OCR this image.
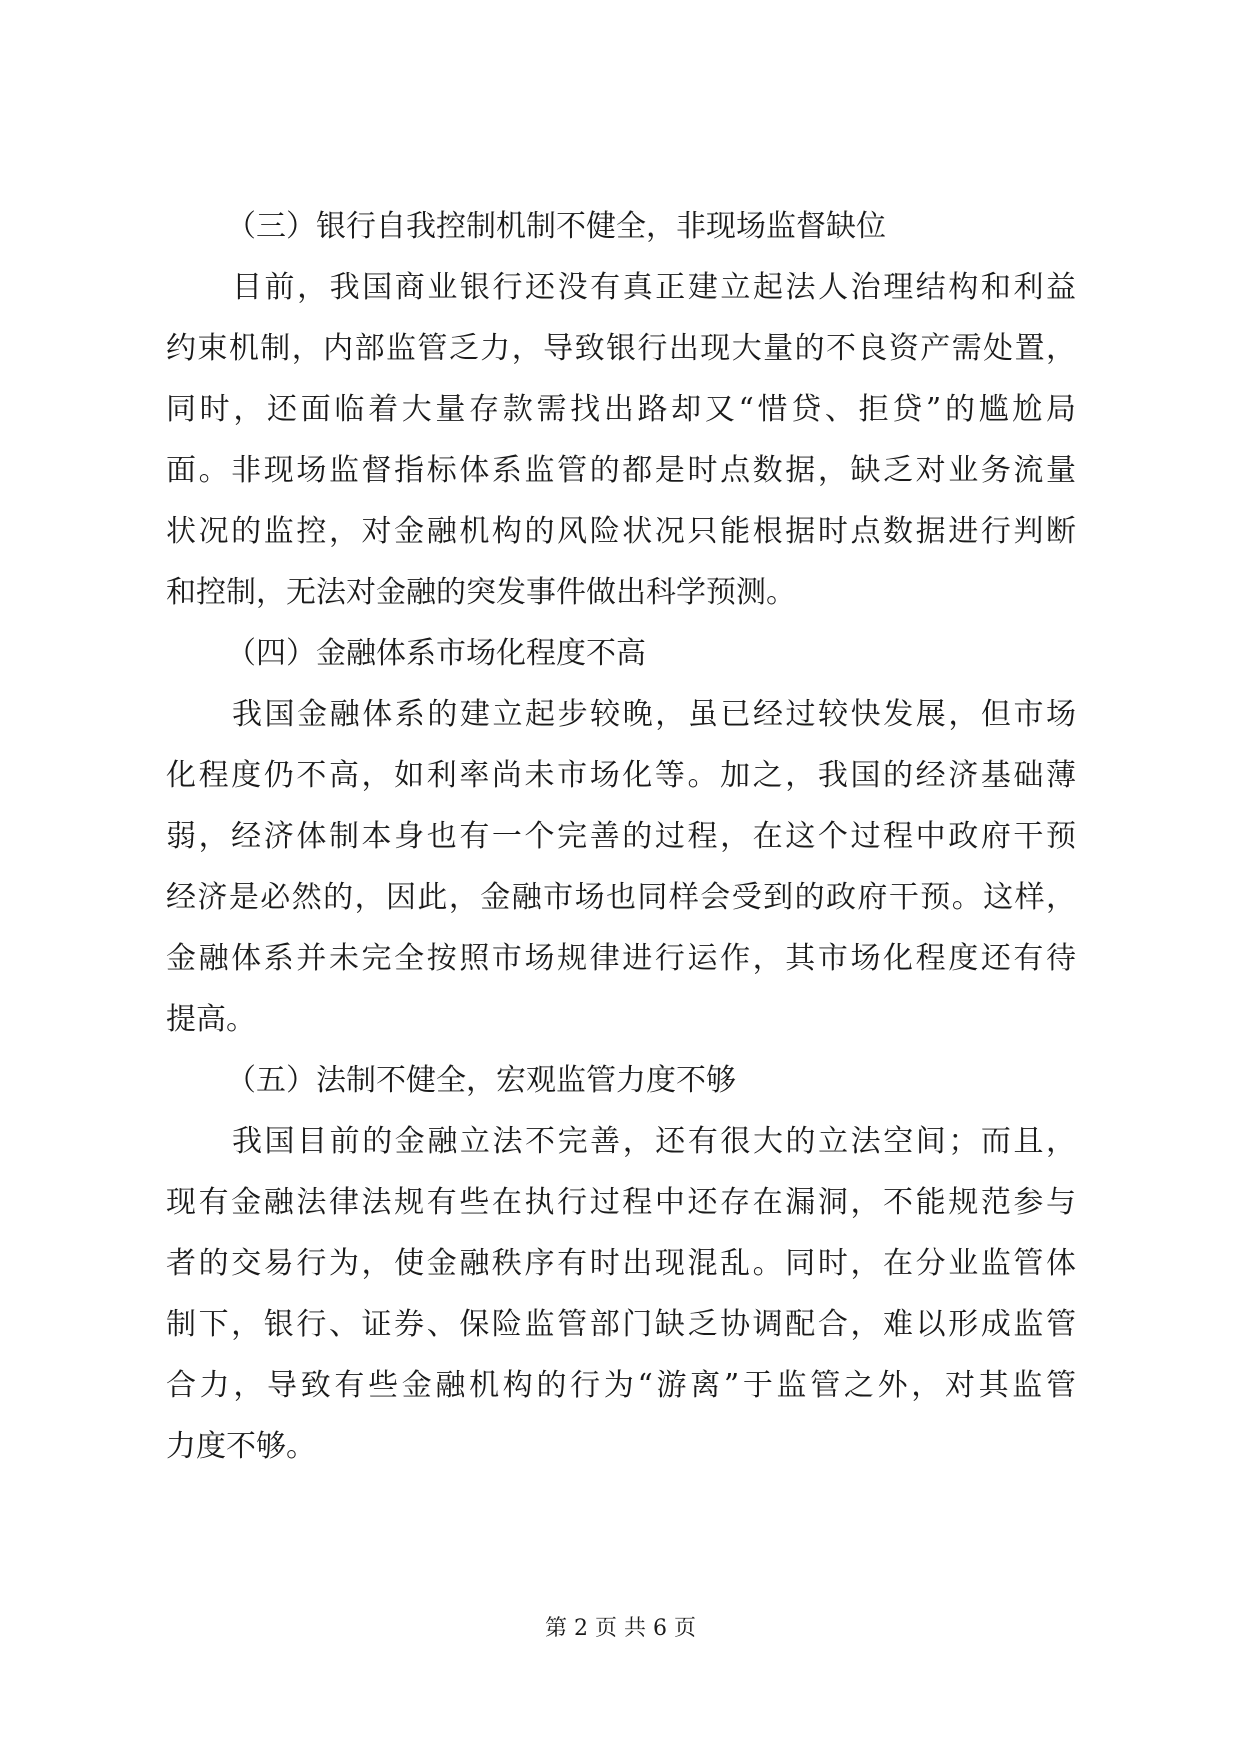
（三）银行自我控制机制不健全，非现场监督缺位
目前，我国商业银行还没有真正建立起法人治理结构和利益
约束机制，内部监管乏力，导致银行出现大量的不良资产需处置，
同时，还面临着大量存款需找出路却又“惜贷、拒贷”的尴尬局
面。非现场监督指标体系监管的都是时点数据，缺乏对业务流量
状况的监控，对金融机构的风险状况只能根据时点数据进行判断
和控制，无法对金融的突发事件做出科学预测。
（四）金融体系市场化程度不高
我国金融体系的建立起步较晚，虽已经过较快发展，但市场
化程度仍不高，如利率尚未市场化等。加之，我国的经济基础薄
弱，经济体制本身也有一个完善的过程，在这个过程中政府干预
经济是必然的，因此，金融市场也同样会受到的政府干预。这样，
金融体系并未完全按照市场规律进行运作，其市场化程度还有待
提高。
（五）法制不健全，宏观监管力度不够
我国目前的金融立法不完善，还有很大的立法空间；而且，
现有金融法律法规有些在执行过程中还存在漏洞，不能规范参与
者的交易行为，使金融秩序有时出现混乱。同时，在分业监管体
制下，银行、证券、保险监管部门缺乏协调配合，难以形成监管
合力，导致有些金融机构的行为“游离”于监管之外，对其监管
力度不够。
第 2 页 共 6 页
